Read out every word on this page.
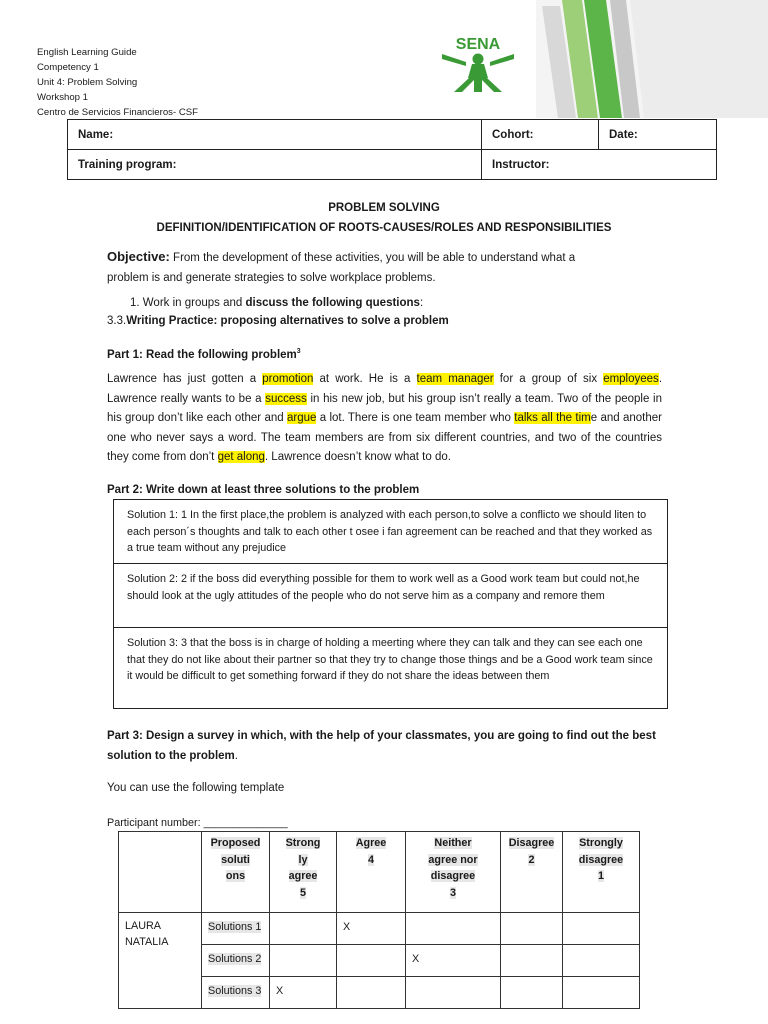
English Learning Guide
Competency 1
Unit 4: Problem Solving
Workshop 1
Centro de Servicios Financieros- CSF
SENA
Name:	Cohort:	Date:
Training program:	Instructor:	
PROBLEM SOLVING
DEFINITION/IDENTIFICATION OF ROOTS-CAUSES/ROLES AND RESPONSIBILITIES
Objective: From the development of these activities, you will be able to understand what a
problem is and generate strategies to solve workplace problems.
1. Work in groups and discuss the following questions:
3.3.Writing Practice: proposing alternatives to solve a problem
Part 1: Read the following problem$^3$
Lawrence has just gotten a promotion at work. He is a team manager for a group of six employees. Lawrence really wants to be a success in his new job, but his group isn’t really a team. Two of the people in his group don’t like each other and argue a lot. There is one team member who talks all the time and another one who never says a word. The team members are from six different countries, and two of the countries they come from don’t get along. Lawrence doesn’t know what to do.
Part 2: Write down at least three solutions to the problem
Solution 1: 1 In the first place,the problem is analyzed with each person,to solve a conflicto we should liten to each person´s thoughts and talk to each other t osee i fan agreement can be reached and that they worked as a true team without any prejudice
Solution 2: 2 if the boss did everything possible for them to work well as a Good work team but could not,he should look at the ugly attitudes of the people who do not serve him as a company and remore them
Solution 3: 3 that the boss is in charge of holding a meerting where they can talk and they can see each one that they do not like about their partner so that they try to change those things and be a Good work team since it would be difficult to get something forward if they do not share the ideas between them
Part 3: Design a survey in which, with the help of your classmates, you are going to find out the best
solution to the problem.
You can use the following template
Participant number: ______________
	Proposed
soluti
ons	Strong
ly
agree
5	Agree
4	Neither
agree nor
disagree
3	Disagree
2	Strongly
disagree
1
LAURA
NATALIA	Solutions 1		X			
	Solutions 2			X		
	Solutions 3	X				
